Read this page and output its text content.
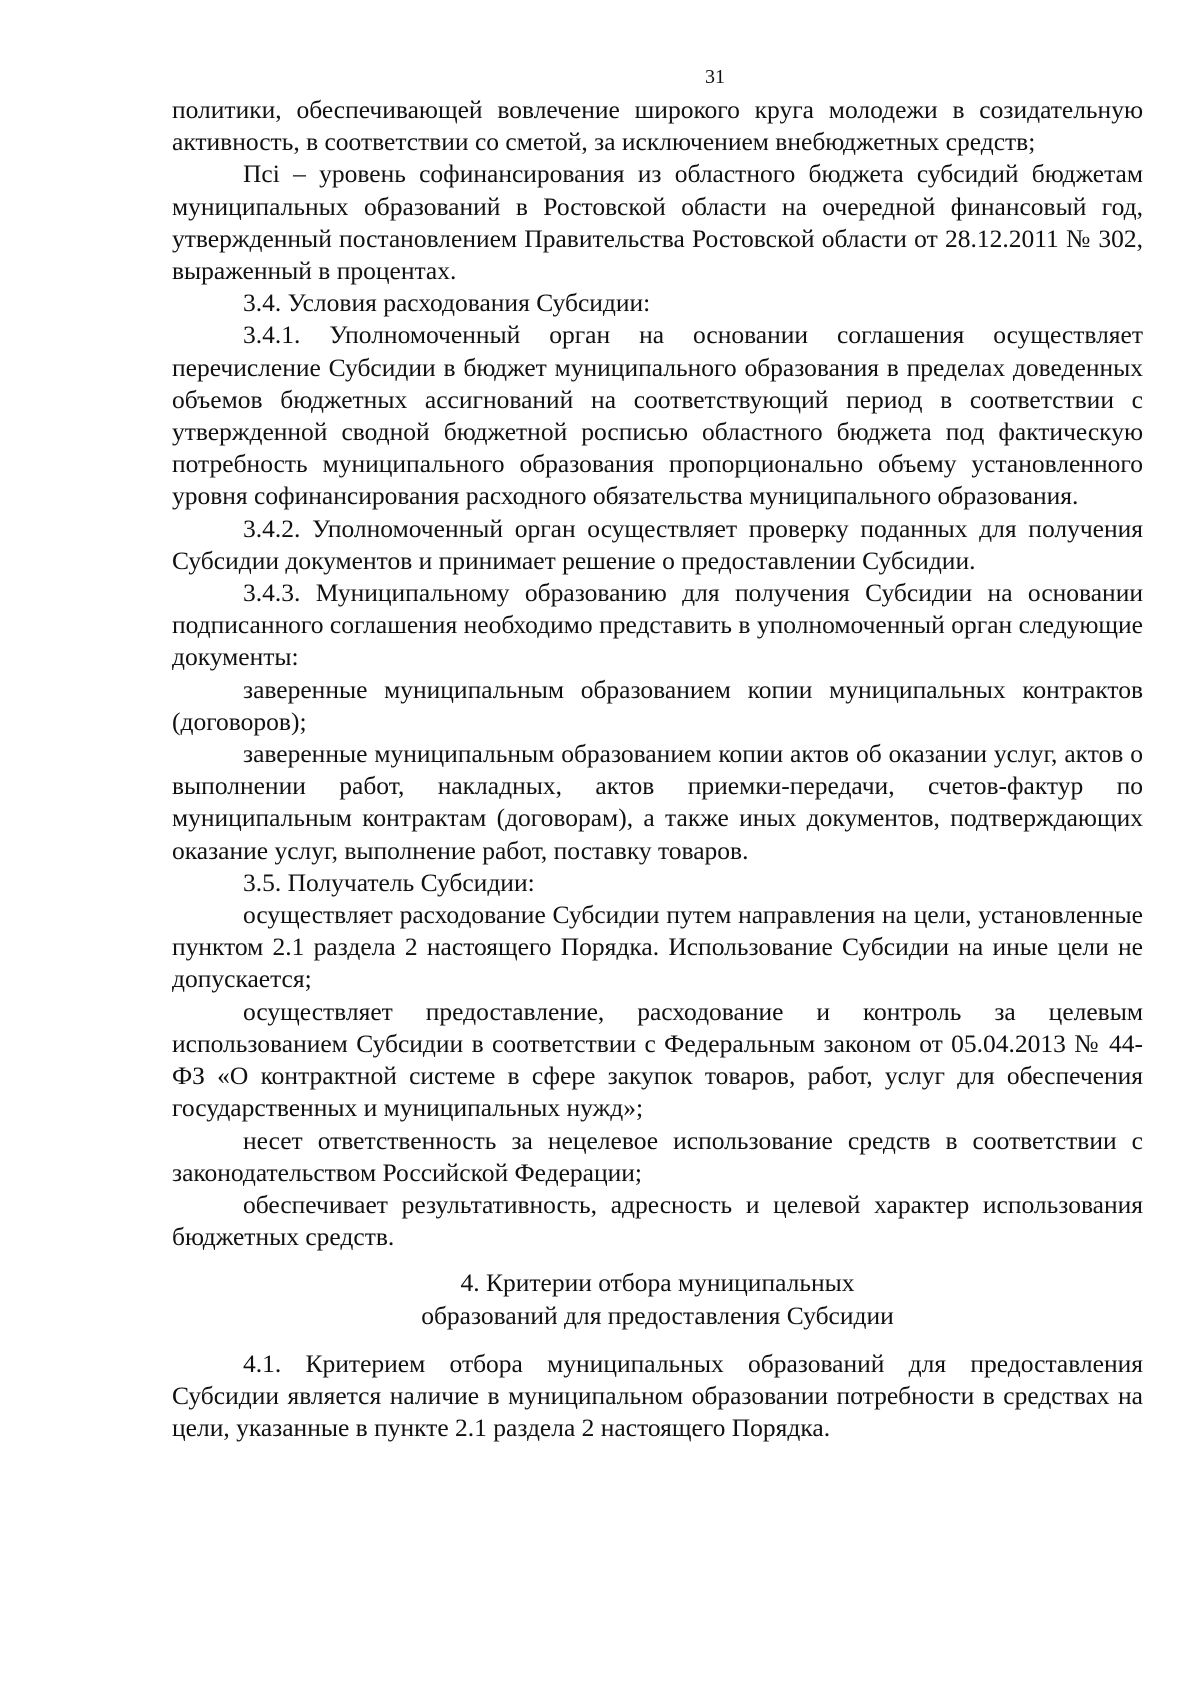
31

политики, обеспечивающей вовлечение широкого круга молодежи в созидательную активность, в соответствии со сметой, за исключением внебюджетных средств;

Псi – уровень софинансирования из областного бюджета субсидий бюджетам муниципальных образований в Ростовской области на очередной финансовый год, утвержденный постановлением Правительства Ростовской области от 28.12.2011 № 302, выраженный в процентах.

3.4. Условия расходования Субсидии:

3.4.1. Уполномоченный орган на основании соглашения осуществляет перечисление Субсидии в бюджет муниципального образования в пределах доведенных объемов бюджетных ассигнований на соответствующий период в соответствии с утвержденной сводной бюджетной росписью областного бюджета под фактическую потребность муниципального образования пропорционально объему установленного уровня софинансирования расходного обязательства муниципального образования.

3.4.2. Уполномоченный орган осуществляет проверку поданных для получения Субсидии документов и принимает решение о предоставлении Субсидии.

3.4.3. Муниципальному образованию для получения Субсидии на основании подписанного соглашения необходимо представить в уполномоченный орган следующие документы:

заверенные муниципальным образованием копии муниципальных контрактов (договоров);

заверенные муниципальным образованием копии актов об оказании услуг, актов о выполнении работ, накладных, актов приемки-передачи, счетов-фактур по муниципальным контрактам (договорам), а также иных документов, подтверждающих оказание услуг, выполнение работ, поставку товаров.

3.5. Получатель Субсидии:

осуществляет расходование Субсидии путем направления на цели, установленные пунктом 2.1 раздела 2 настоящего Порядка. Использование Субсидии на иные цели не допускается;

осуществляет предоставление, расходование и контроль за целевым использованием Субсидии в соответствии с Федеральным законом от 05.04.2013 № 44-ФЗ «О контрактной системе в сфере закупок товаров, работ, услуг для обеспечения государственных и муниципальных нужд»;

несет ответственность за нецелевое использование средств в соответствии с законодательством Российской Федерации;

обеспечивает результативность, адресность и целевой характер использования бюджетных средств.

4. Критерии отбора муниципальных

образований для предоставления Субсидии

4.1. Критерием отбора муниципальных образований для предоставления Субсидии является наличие в муниципальном образовании потребности в средствах на цели, указанные в пункте 2.1 раздела 2 настоящего Порядка.
